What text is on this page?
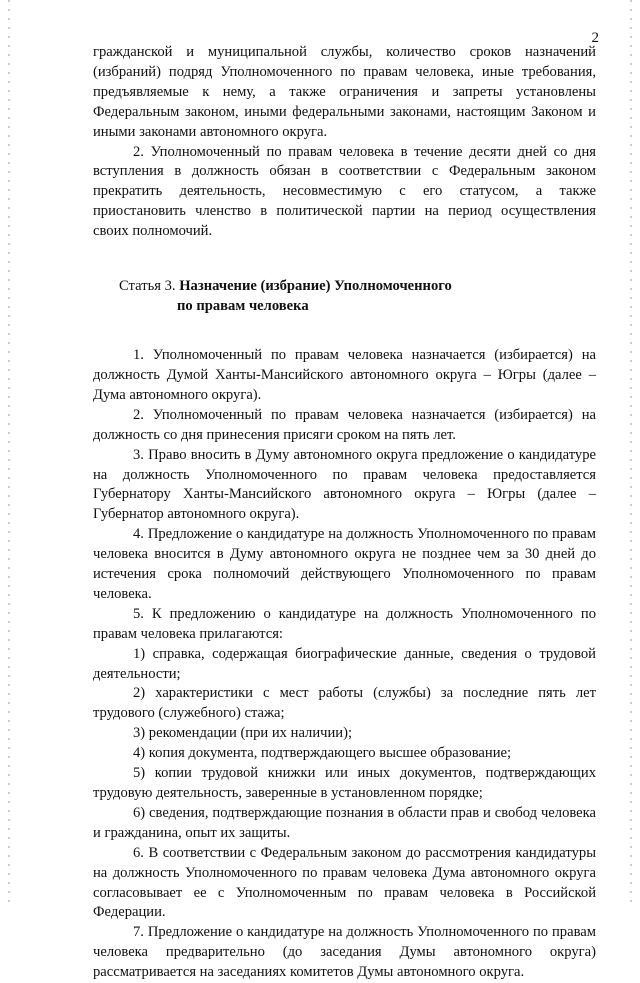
2

гражданской и муниципальной службы, количество сроков назначений (избраний) подряд Уполномоченного по правам человека, иные требования, предъявляемые к нему, а также ограничения и запреты установлены Федеральным законом, иными федеральными законами, настоящим Законом и иными законами автономного округа.

2. Уполномоченный по правам человека в течение десяти дней со дня вступления в должность обязан в соответствии с Федеральным законом прекратить деятельность, несовместимую с его статусом, а также приостановить членство в политической партии на период осуществления своих полномочий.

Статья 3. Назначение (избрание) Уполномоченного
по правам человека

1. Уполномоченный по правам человека назначается (избирается) на должность Думой Ханты-Мансийского автономного округа – Югры (далее – Дума автономного округа).

2. Уполномоченный по правам человека назначается (избирается) на должность со дня принесения присяги сроком на пять лет.

3. Право вносить в Думу автономного округа предложение о кандидатуре на должность Уполномоченного по правам человека предоставляется Губернатору Ханты-Мансийского автономного округа – Югры (далее – Губернатор автономного округа).

4. Предложение о кандидатуре на должность Уполномоченного по правам человека вносится в Думу автономного округа не позднее чем за 30 дней до истечения срока полномочий действующего Уполномоченного по правам человека.

5. К предложению о кандидатуре на должность Уполномоченного по правам человека прилагаются:

1) справка, содержащая биографические данные, сведения о трудовой деятельности;

2) характеристики с мест работы (службы) за последние пять лет трудового (служебного) стажа;

3) рекомендации (при их наличии);

4) копия документа, подтверждающего высшее образование;

5) копии трудовой книжки или иных документов, подтверждающих трудовую деятельность, заверенные в установленном порядке;

6) сведения, подтверждающие познания в области прав и свобод человека и гражданина, опыт их защиты.

6. В соответствии с Федеральным законом до рассмотрения кандидатуры на должность Уполномоченного по правам человека Дума автономного округа согласовывает ее с Уполномоченным по правам человека в Российской Федерации.

7. Предложение о кандидатуре на должность Уполномоченного по правам человека предварительно (до заседания Думы автономного округа) рассматривается на заседаниях комитетов Думы автономного округа.
